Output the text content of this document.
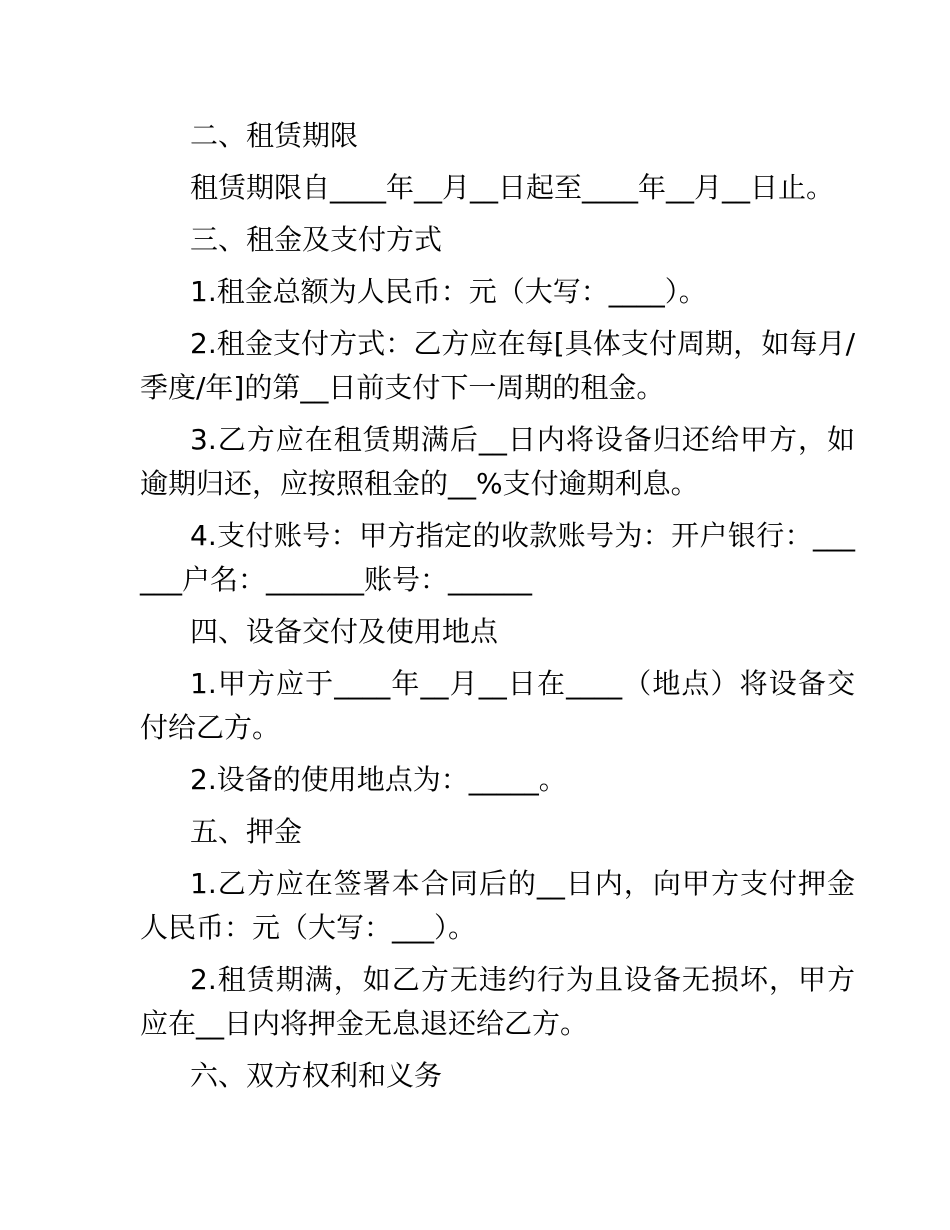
二、租赁期限

租赁期限自____年__月__日起至____年__月__日止。

三、租金及支付方式

1.租金总额为人民币：元（大写：____）。

2.租金支付方式：乙方应在每[具体支付周期，如每月/季度/年]的第__日前支付下一周期的租金。

3.乙方应在租赁期满后__日内将设备归还给甲方，如逾期归还，应按照租金的__%支付逾期利息。

4.支付账号：甲方指定的收款账号为：开户银行：______户名：_______账号：______

四、设备交付及使用地点

1.甲方应于____年__月__日在____（地点）将设备交付给乙方。

2.设备的使用地点为：_____。

五、押金

1.乙方应在签署本合同后的__日内，向甲方支付押金人民币：元（大写：___）。

2.租赁期满，如乙方无违约行为且设备无损坏，甲方应在__日内将押金无息退还给乙方。

六、双方权利和义务
